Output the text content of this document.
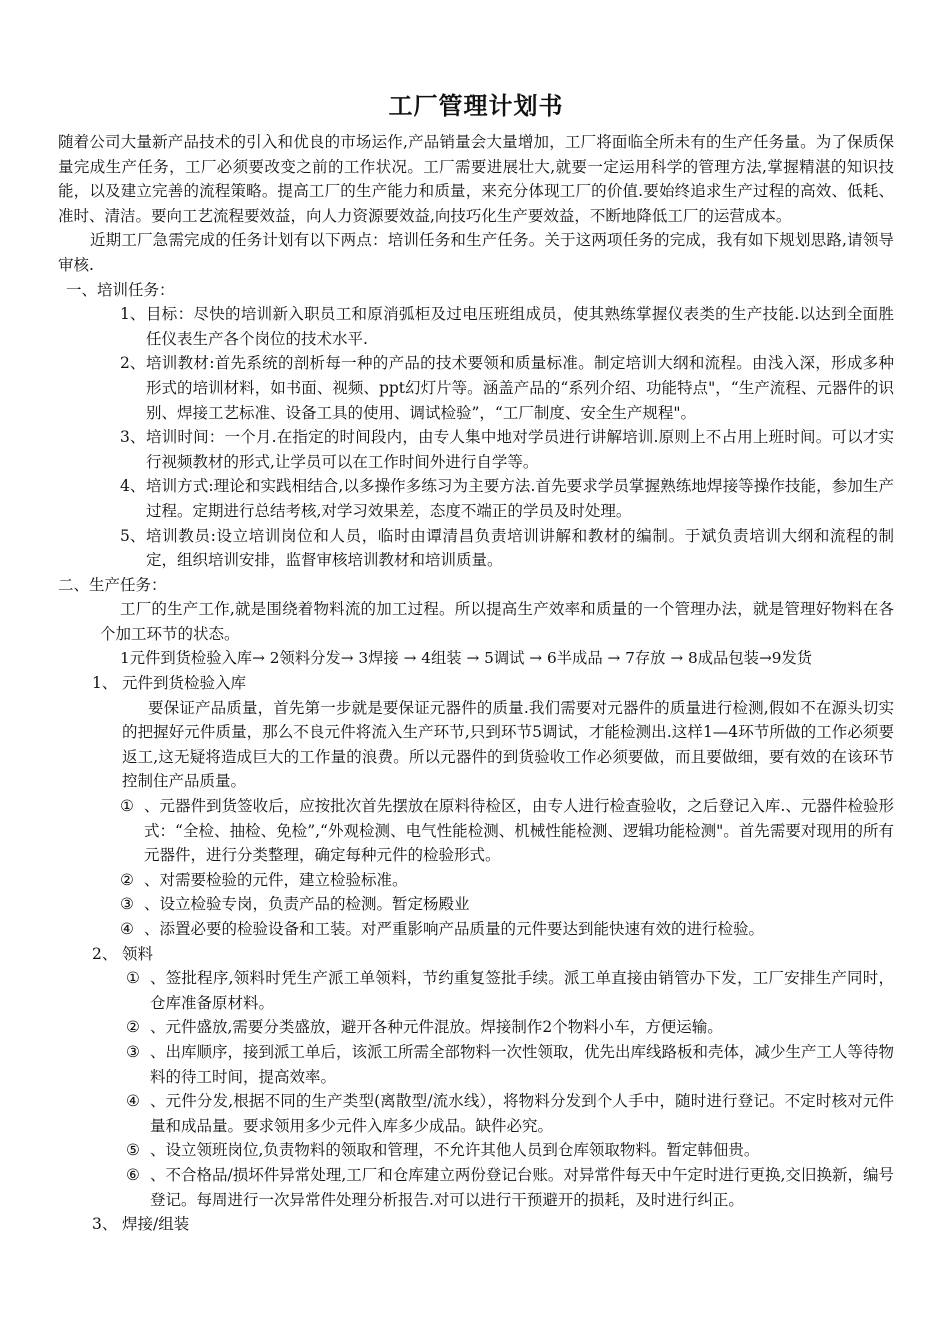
工厂管理计划书

随着公司大量新产品技术的引入和优良的市场运作,产品销量会大量增加，工厂将面临全所未有的生产任务量。为了保质保量完成生产任务，工厂必须要改变之前的工作状况。工厂需要进展壮大,就要一定运用科学的管理方法,掌握精湛的知识技能，以及建立完善的流程策略。提高工厂的生产能力和质量，来充分体现工厂的价值.要始终追求生产过程的高效、低耗、准时、清洁。要向工艺流程要效益，向人力资源要效益,向技巧化生产要效益，不断地降低工厂的运营成本。

近期工厂急需完成的任务计划有以下两点：培训任务和生产任务。关于这两项任务的完成，我有如下规划思路,请领导审核.

一、培训任务：

1、 目标：尽快的培训新入职员工和原消弧柜及过电压班组成员，使其熟练掌握仪表类的生产技能.以达到全面胜任仪表生产各个岗位的技术水平.
2、 培训教材:首先系统的剖析每一种的产品的技术要领和质量标准。制定培训大纲和流程。由浅入深，形成多种形式的培训材料，如书面、视频、ppt幻灯片等。涵盖产品的“系列介绍、功能特点"，“生产流程、元器件的识别、焊接工艺标准、设备工具的使用、调试检验”，“工厂制度、安全生产规程"。
3、 培训时间：一个月.在指定的时间段内，由专人集中地对学员进行讲解培训.原则上不占用上班时间。可以才实行视频教材的形式,让学员可以在工作时间外进行自学等。
4、 培训方式:理论和实践相结合,以多操作多练习为主要方法.首先要求学员掌握熟练地焊接等操作技能，参加生产过程。定期进行总结考核,对学习效果差，态度不端正的学员及时处理。
5、 培训教员:设立培训岗位和人员，临时由谭清昌负责培训讲解和教材的编制。于斌负责培训大纲和流程的制定，组织培训安排，监督审核培训教材和培训质量。

二、生产任务：

工厂的生产工作,就是围绕着物料流的加工过程。所以提高生产效率和质量的一个管理办法，就是管理好物料在各个加工环节的状态。

1元件到货检验入库→ 2领料分发→ 3焊接 → 4组装 → 5调试 → 6半成品 → 7存放 → 8成品包装→9发货

1、 元件到货检验入库

要保证产品质量，首先第一步就是要保证元器件的质量.我们需要对元器件的质量进行检测,假如不在源头切实的把握好元件质量，那么不良元件将流入生产环节,只到环节5调试，才能检测出.这样1—4环节所做的工作必须要返工,这无疑将造成巨大的工作量的浪费。所以元器件的到货验收工作必须要做，而且要做细，要有效的在该环节控制住产品质量。

① 、元器件到货签收后，应按批次首先摆放在原料待检区，由专人进行检查验收，之后登记入库.、元器件检验形式：“全检、抽检、免检”,“外观检测、电气性能检测、机械性能检测、逻辑功能检测"。首先需要对现用的所有元器件，进行分类整理，确定每种元件的检验形式。
② 、对需要检验的元件，建立检验标准。
③ 、设立检验专岗，负责产品的检测。暂定杨殿业
④ 、添置必要的检验设备和工装。对严重影响产品质量的元件要达到能快速有效的进行检验。

2、 领料

① 、签批程序,领料时凭生产派工单领料，节约重复签批手续。派工单直接由销管办下发，工厂安排生产同时，仓库准备原材料。
② 、元件盛放,需要分类盛放，避开各种元件混放。焊接制作2个物料小车，方便运输。
③ 、出库顺序，接到派工单后，该派工所需全部物料一次性领取，优先出库线路板和壳体，减少生产工人等待物料的待工时间，提高效率。
④ 、元件分发,根据不同的生产类型(离散型/流水线），将物料分发到个人手中，随时进行登记。不定时核对元件量和成品量。要求领用多少元件入库多少成品。缺件必究。
⑤ 、设立领班岗位,负责物料的领取和管理，不允许其他人员到仓库领取物料。暂定韩佃贵。
⑥ 、不合格品/损坏件异常处理,工厂和仓库建立两份登记台账。对异常件每天中午定时进行更换,交旧换新，编号登记。每周进行一次异常件处理分析报告.对可以进行干预避开的损耗，及时进行纠正。

3、 焊接/组装
